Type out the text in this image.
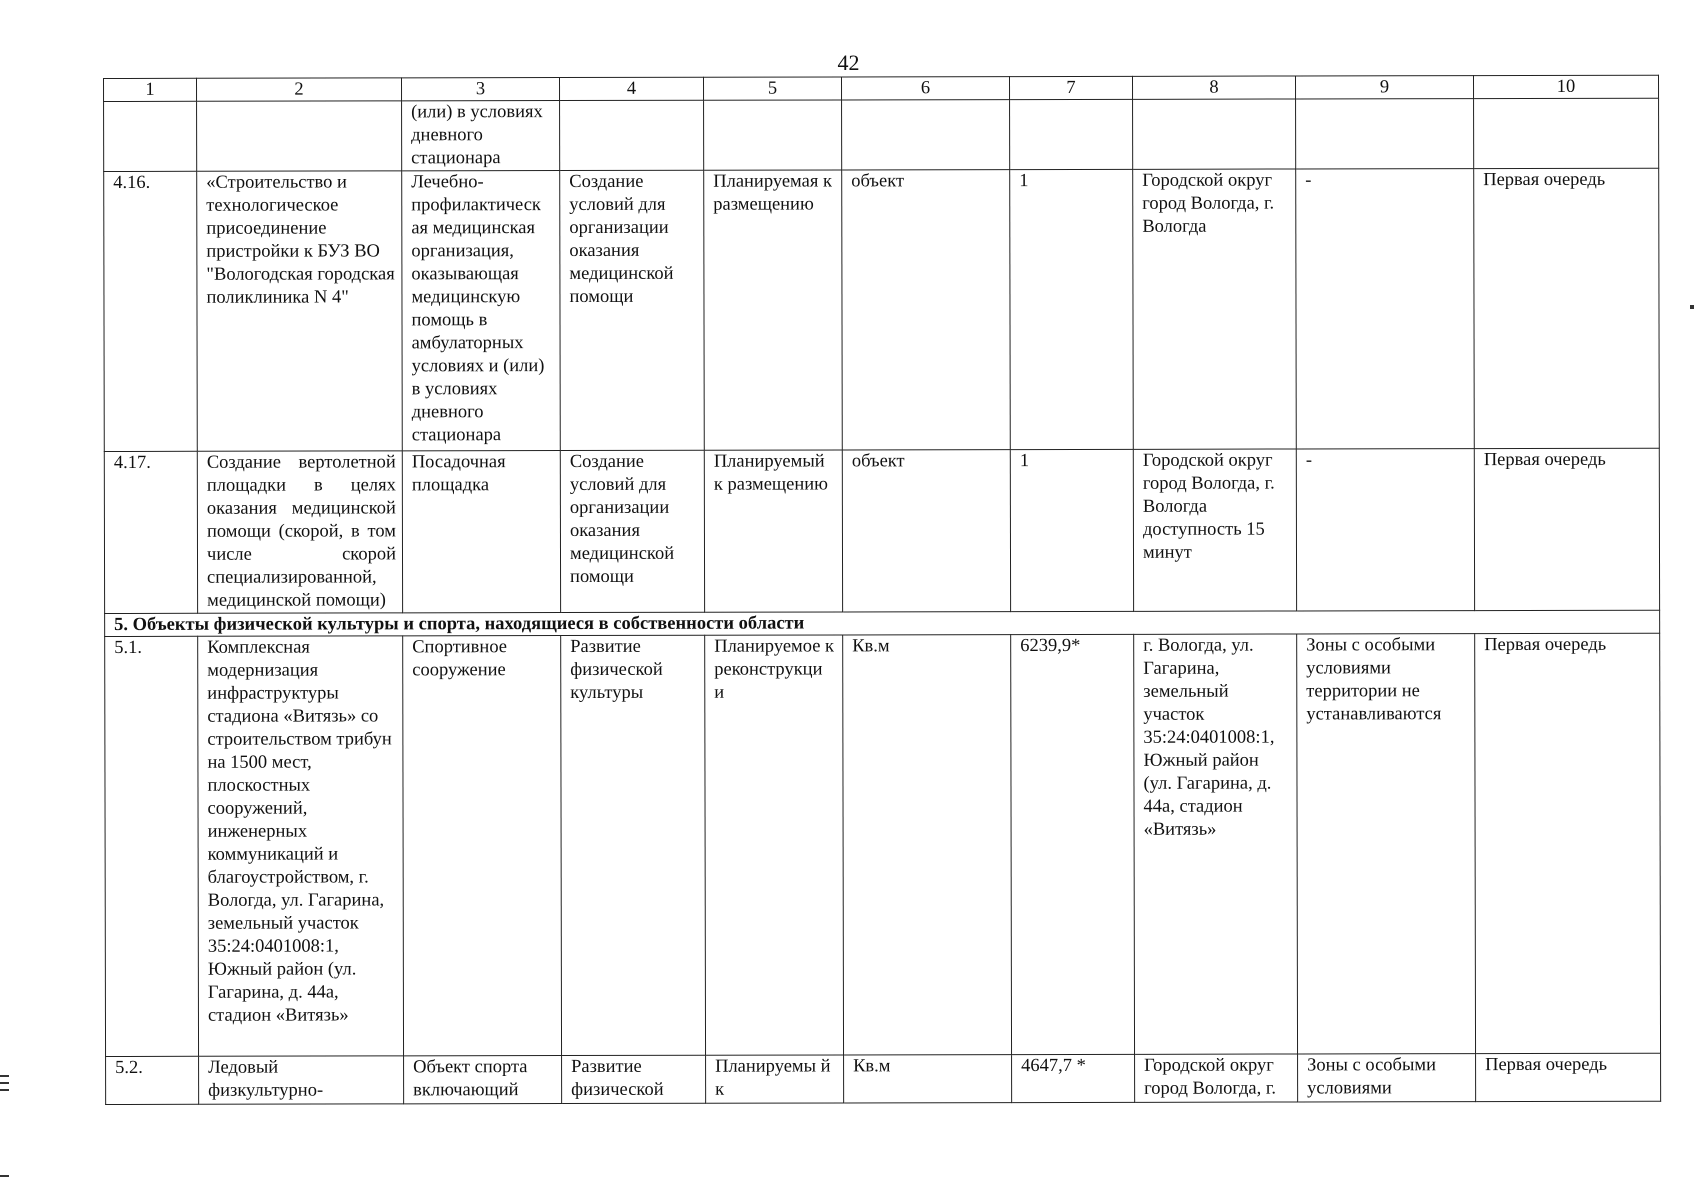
42
1	2	3	4	5	6	7	8	9	10
		(или) в условиях дневного стационара							
4.16.	«Строительство и технологическое присоединение пристройки к БУЗ ВО "Вологодская городская поликлиника N 4"	Лечебно-профилактическ ая медицинская организация, оказывающая медицинскую помощь в амбулаторных условиях и (или) в условиях дневного стационара	Создание условий для организации оказания медицинской помощи	Планируемая к размещению	объект	1	Городской округ город Вологда, г. Вологда	-	Первая очередь
4.17.	Создание вертолетной площадки в целях оказания медицинской помощи (скорой, в том числе скорой специализированной, медицинской помощи)	Посадочная площадка	Создание условий для организации оказания медицинской помощи	Планируемый к размещению	объект	1	Городской округ город Вологда, г. Вологда доступность 15 минут	-	Первая очередь
5. Объекты физической культуры и спорта, находящиеся в собственности области									
5.1.	Комплексная модернизация инфраструктуры стадиона «Витязь» со строительством трибун на 1500 мест, плоскостных сооружений, инженерных коммуникаций и благоустройством, г. Вологда, ул. Гагарина, земельный участок 35:24:0401008:1, Южный район (ул. Гагарина, д. 44а, стадион «Витязь»	Спортивное сооружение	Развитие физической культуры	Планируемое к реконструкци и	Кв.м	6239,9*	г. Вологда, ул. Гагарина, земельный участок 35:24:0401008:1, Южный район (ул. Гагарина, д. 44а, стадион «Витязь»	Зоны с особыми условиями территории не устанавливаются	Первая очередь
5.2.	Ледовый физкультурно-	Объект спорта включающий	Развитие физической	Планируемы й к	Кв.м	4647,7 *	Городской округ город Вологда, г.	Зоны с особыми условиями	Первая очередь
